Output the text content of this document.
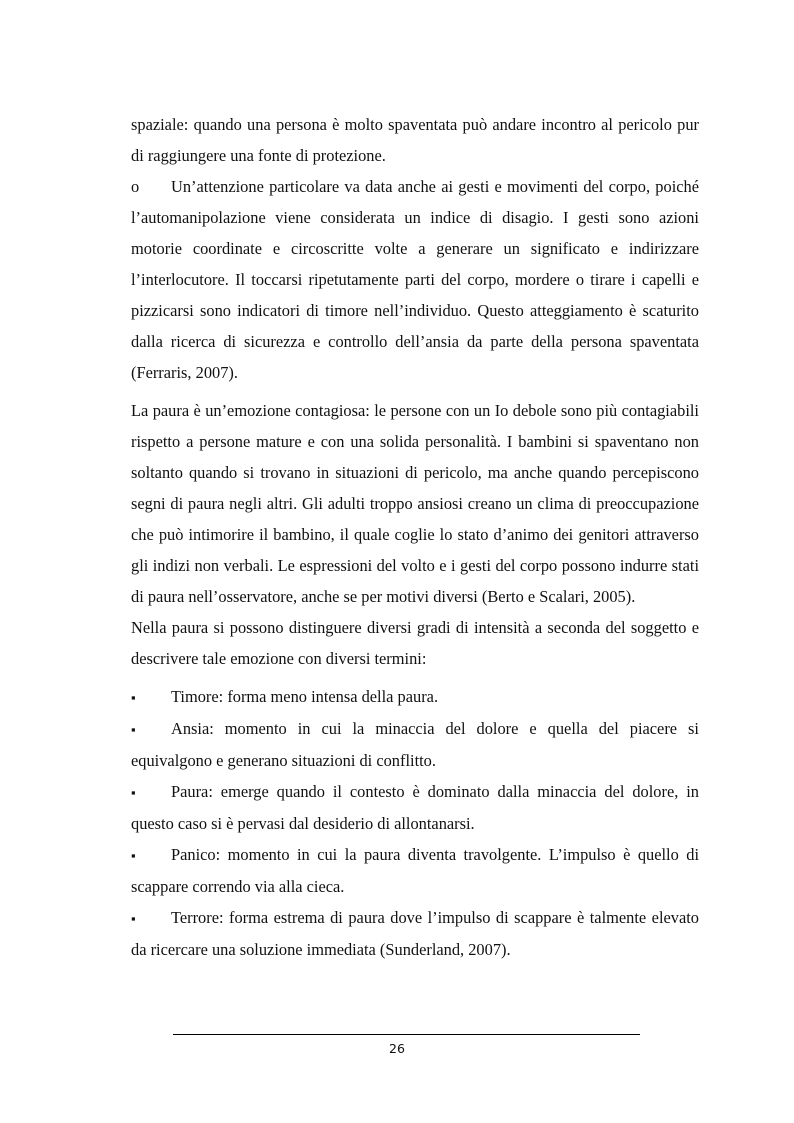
spaziale: quando una persona è molto spaventata può andare incontro al pericolo pur di raggiungere una fonte di protezione.

o Un’attenzione particolare va data anche ai gesti e movimenti del corpo, poiché l’automanipolazione viene considerata un indice di disagio. I gesti sono azioni motorie coordinate e circoscritte volte a generare un significato e indirizzare l’interlocutore. Il toccarsi ripetutamente parti del corpo, mordere o tirare i capelli e pizzicarsi sono indicatori di timore nell’individuo. Questo atteggiamento è scaturito dalla ricerca di sicurezza e controllo dell’ansia da parte della persona spaventata (Ferraris, 2007).

La paura è un’emozione contagiosa: le persone con un Io debole sono più contagiabili rispetto a persone mature e con una solida personalità. I bambini si spaventano non soltanto quando si trovano in situazioni di pericolo, ma anche quando percepiscono segni di paura negli altri. Gli adulti troppo ansiosi creano un clima di preoccupazione che può intimorire il bambino, il quale coglie lo stato d’animo dei genitori attraverso gli indizi non verbali. Le espressioni del volto e i gesti del corpo possono indurre stati di paura nell’osservatore, anche se per motivi diversi (Berto e Scalari, 2005).

Nella paura si possono distinguere diversi gradi di intensità a seconda del soggetto e descrivere tale emozione con diversi termini:

▪ Timore: forma meno intensa della paura.

▪ Ansia: momento in cui la minaccia del dolore e quella del piacere si equivalgono e generano situazioni di conflitto.

▪ Paura: emerge quando il contesto è dominato dalla minaccia del dolore, in questo caso si è pervasi dal desiderio di allontanarsi.

▪ Panico: momento in cui la paura diventa travolgente. L’impulso è quello di scappare correndo via alla cieca.

▪ Terrore: forma estrema di paura dove l’impulso di scappare è talmente elevato da ricercare una soluzione immediata (Sunderland, 2007).

26
